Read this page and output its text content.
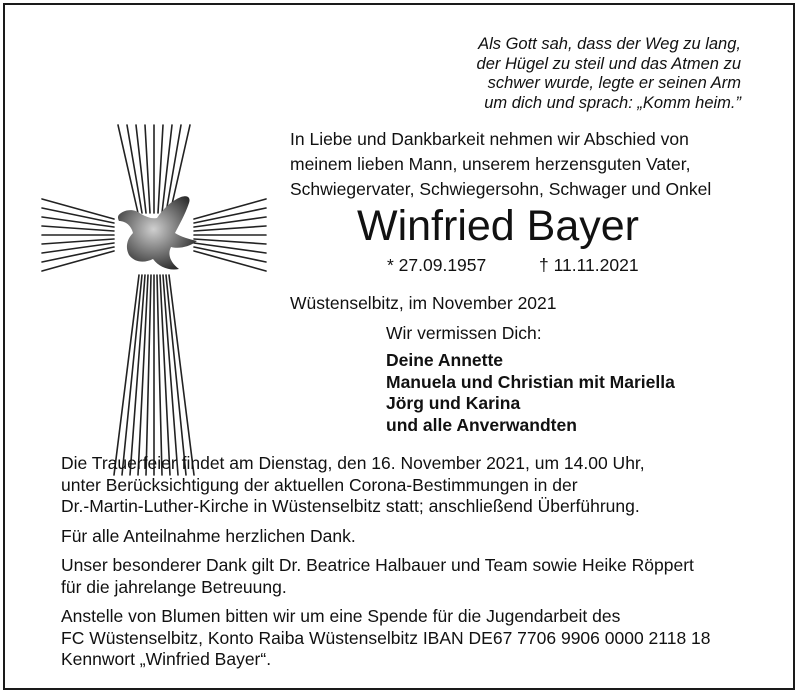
Als Gott sah, dass der Weg zu lang,
der Hügel zu steil und das Atmen zu
schwer wurde, legte er seinen Arm
um dich und sprach: „Komm heim.”
In Liebe und Dankbarkeit nehmen wir Abschied von
meinem lieben Mann, unserem herzensguten Vater,
Schwiegervater, Schwiegersohn, Schwager und Onkel
Winfried Bayer
* 27.09.1957	† 11.11.2021
Wüstenselbitz, im November 2021
Wir vermissen Dich:
Deine Annette
Manuela und Christian mit Mariella
Jörg und Karina
und alle Anverwandten

Die Trauerfeier findet am Dienstag, den 16. November 2021, um 14.00 Uhr,
unter Berücksichtigung der aktuellen Corona-Bestimmungen in der
Dr.-Martin-Luther-Kirche in Wüstenselbitz statt; anschließend Überführung.

Für alle Anteilnahme herzlichen Dank.

Unser besonderer Dank gilt Dr. Beatrice Halbauer und Team sowie Heike Röppert
für die jahrelange Betreuung.

Anstelle von Blumen bitten wir um eine Spende für die Jugendarbeit des
FC Wüstenselbitz, Konto Raiba Wüstenselbitz IBAN DE67 7706 9906 0000 2118 18
Kennwort „Winfried Bayer“.
